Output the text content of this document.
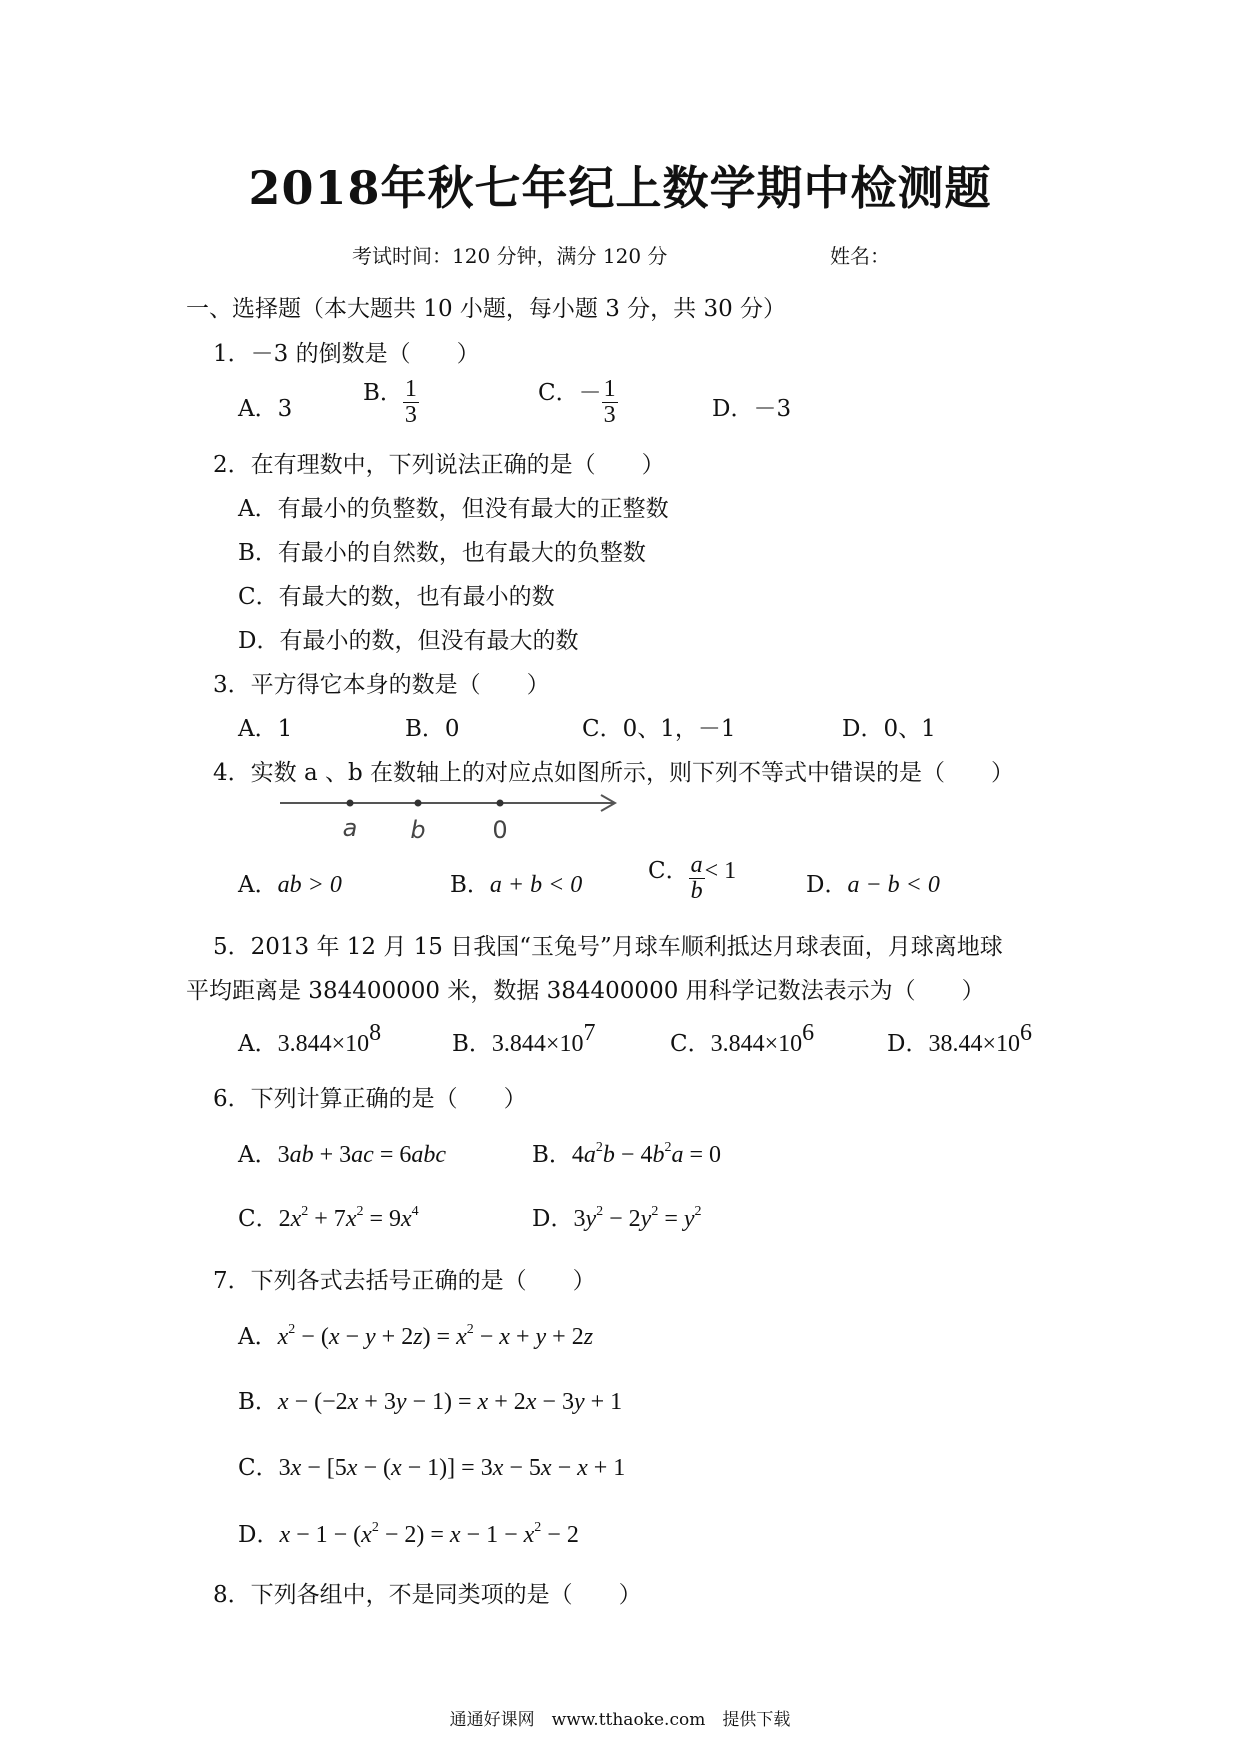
2018年秋七年纪上数学期中检测题
考试时间：120 分钟，满分 120 分	姓名：
一、选择题（本大题共 10 小题，每小题 3 分，共 30 分）
1．－3 的倒数是（　　）
A．3
B． $\frac{1}{3}$	C．－ $\frac{1}{3}$	D．－3
2．在有理数中，下列说法正确的是（　　）
A．有最小的负整数，但没有最大的正整数
B．有最小的自然数，也有最大的负整数
C．有最大的数，也有最小的数
D．有最小的数，但没有最大的数
3．平方得它本身的数是（　　）
A．1	B．0	C．0、1，－1	D．0、1
4．实数 a 、b 在数轴上的对应点如图所示，则下列不等式中错误的是（　　）
a b	0
A．ab > 0	B．a + b < 0
C． $\frac{a}{b} < 1$
D．a − b < 0
5．2013 年 12 月 15 日我国“玉兔号”月球车顺利抵达月球表面，月球离地球
平均距离是 384400000 米，数据 384400000 用科学记数法表示为（　　）
A．$3.844\times 10^8$	B．$3.844\times 10^7$	C．$3.844\times 10^6$	D．$38.44\times 10^6$
6．下列计算正确的是（　　）
A．3ab + 3ac = 6abc	B．$4a^2b - 4b^2a = 0$
C．$2x^2 + 7x^2 = 9x^4$	D．$3y^2 - 2y^2 = y^2$
7．下列各式去括号正确的是（　　）
A．$x^2 - (x - y + 2z) = x^2 - x + y + 2z$
B．x − (−2x + 3y − 1) = x + 2x − 3y + 1
C．3x − [5x − (x − 1)] = 3x − 5x − x + 1
D．$x - 1 - (x^2 - 2) = x - 1 - x^2 - 2$
8．下列各组中，不是同类项的是（　　）
通通好课网　www.tthaoke.com　提供下载
